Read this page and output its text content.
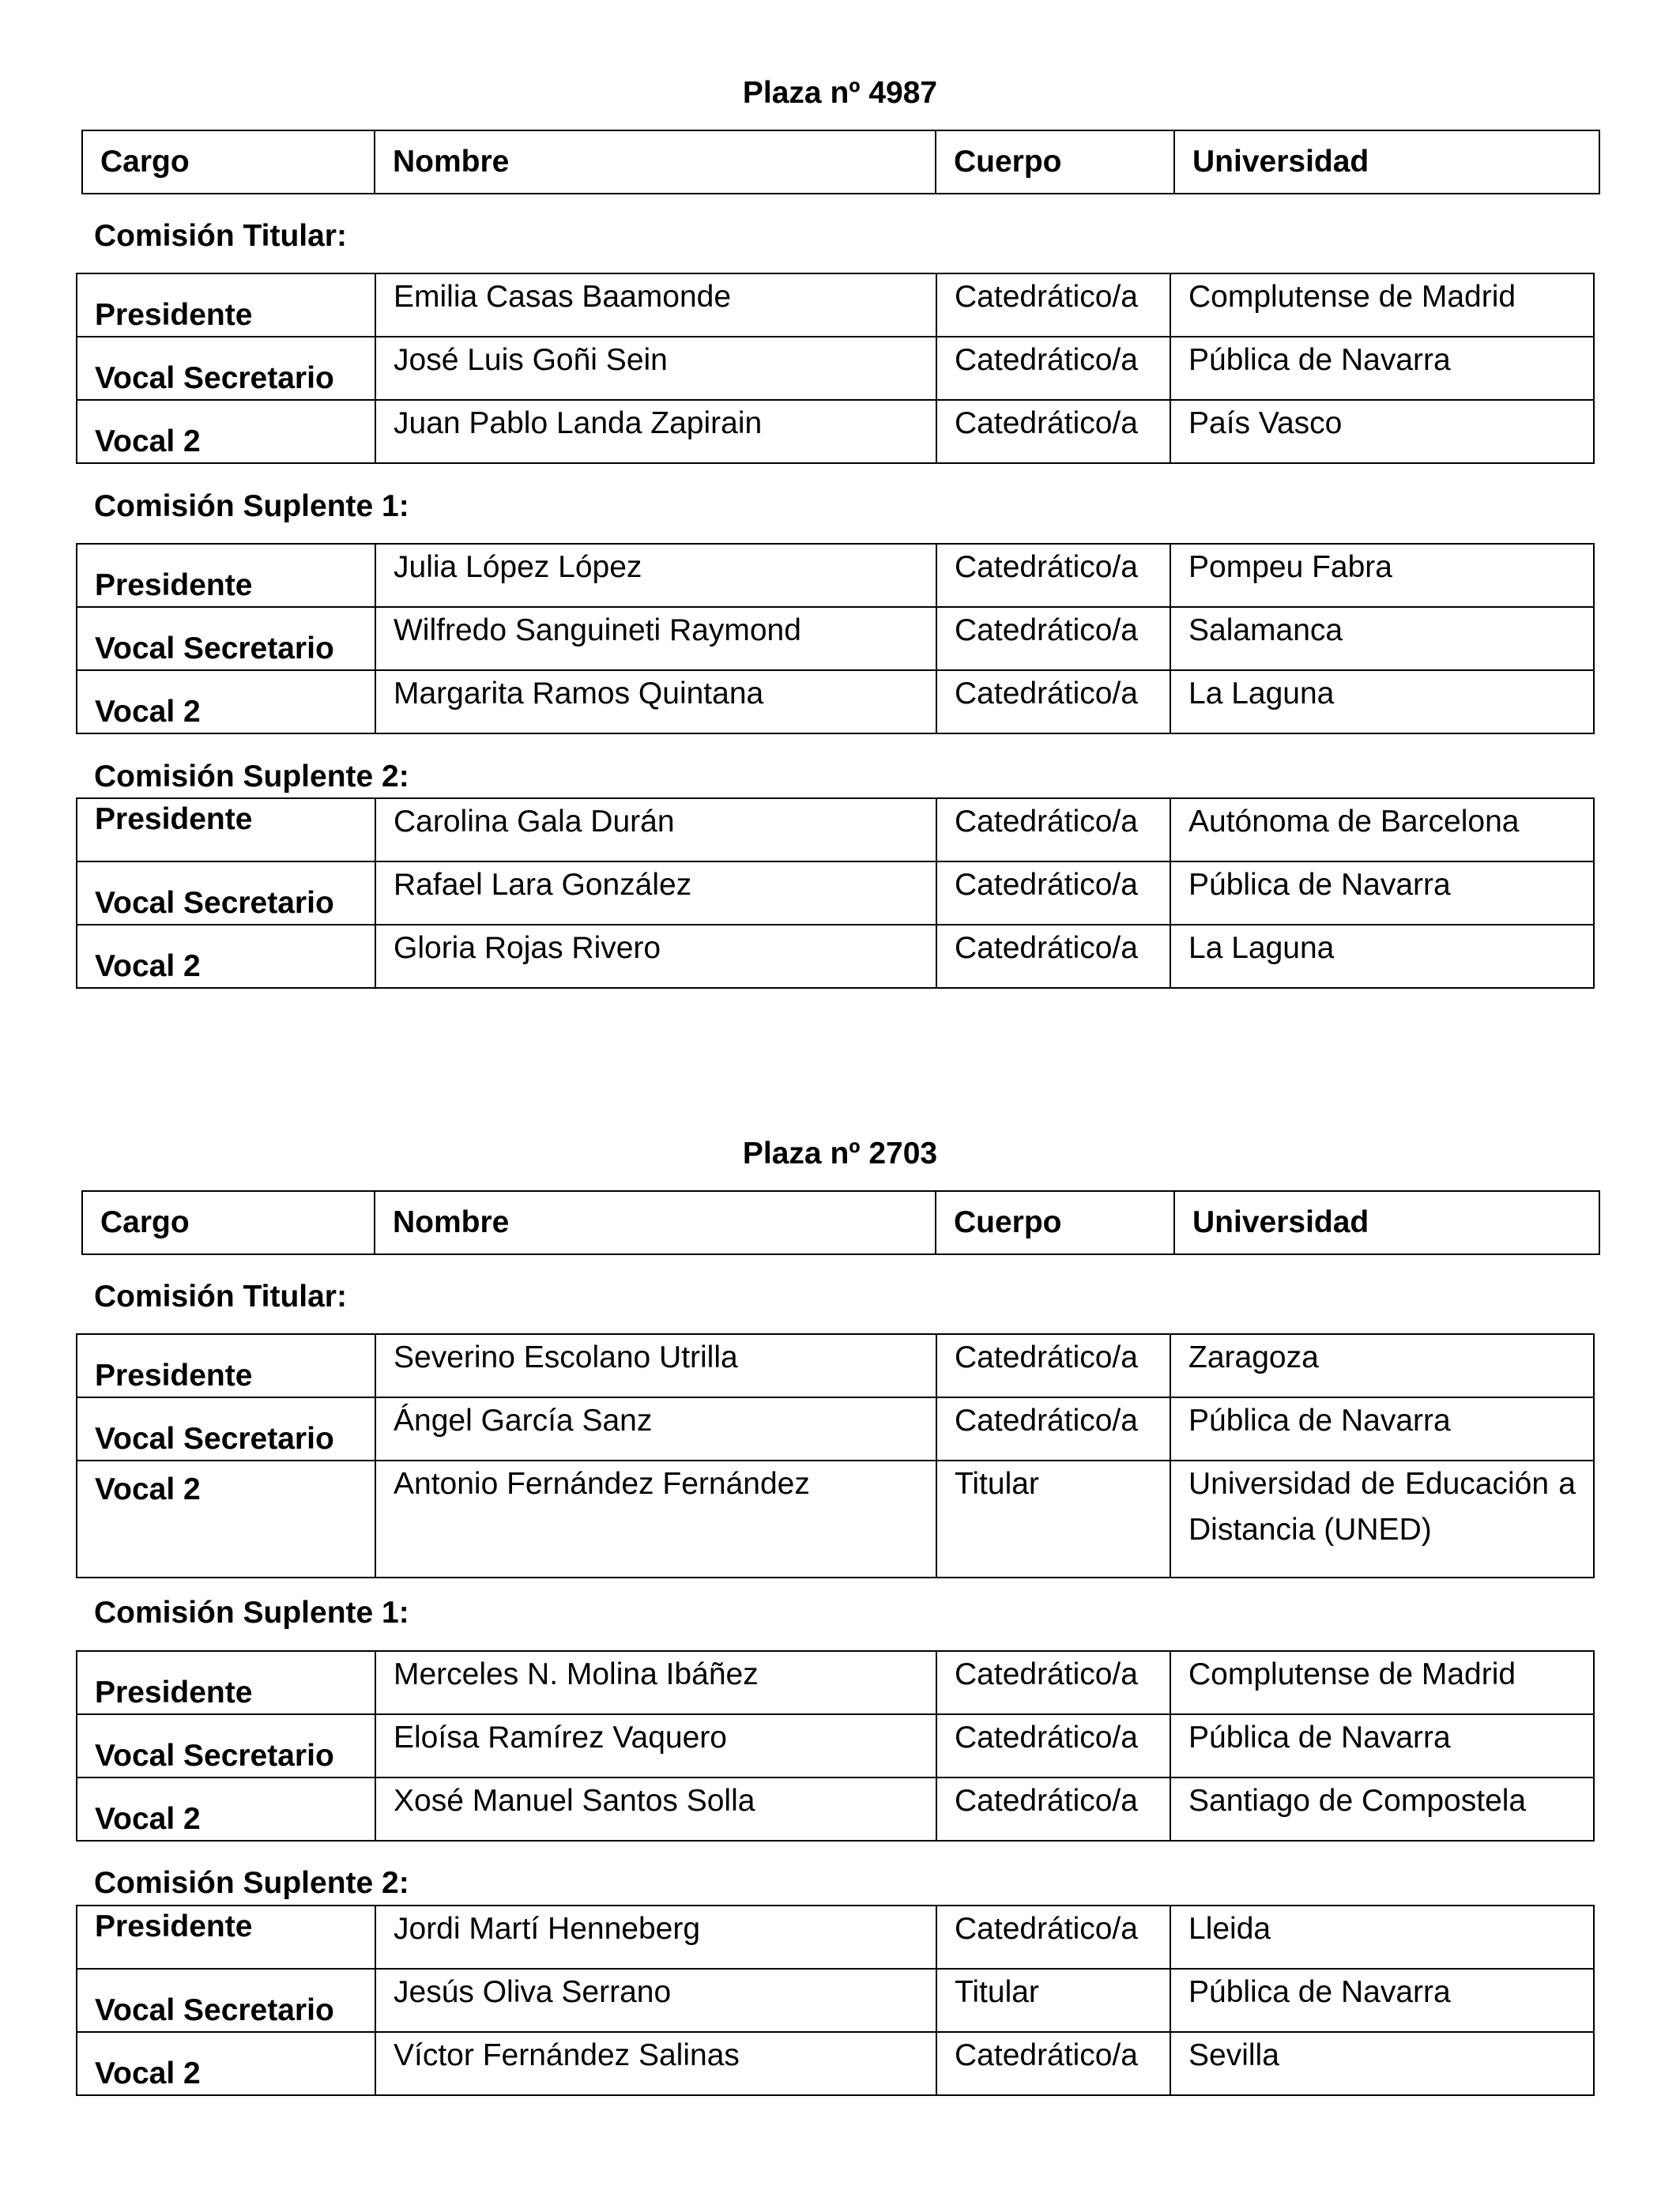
Plaza nº 4987
Cargo	Nombre	Cuerpo	Universidad
Comisión Titular:
Presidente	Emilia Casas Baamonde	Catedrático/a	Complutense de Madrid
Vocal Secretario	José Luis Goñi Sein	Catedrático/a	Pública de Navarra
Vocal 2	Juan Pablo Landa Zapirain	Catedrático/a	País Vasco
Comisión Suplente 1:
Presidente	Julia López López	Catedrático/a	Pompeu Fabra
Vocal Secretario	Wilfredo Sanguineti Raymond	Catedrático/a	Salamanca
Vocal 2	Margarita Ramos Quintana	Catedrático/a	La Laguna
Comisión Suplente 2:
Presidente	Carolina Gala Durán	Catedrático/a	Autónoma de Barcelona
Vocal Secretario	Rafael Lara González	Catedrático/a	Pública de Navarra
Vocal 2	Gloria Rojas Rivero	Catedrático/a	La Laguna
Plaza nº 2703
Cargo	Nombre	Cuerpo	Universidad
Comisión Titular:
Presidente	Severino Escolano Utrilla	Catedrático/a	Zaragoza
Vocal Secretario	Ángel García Sanz	Catedrático/a	Pública de Navarra
Vocal 2	Antonio Fernández Fernández	Titular	Universidad de Educación a Distancia (UNED)
Comisión Suplente 1:
Presidente	Merceles N. Molina Ibáñez	Catedrático/a	Complutense de Madrid
Vocal Secretario	Eloísa Ramírez Vaquero	Catedrático/a	Pública de Navarra
Vocal 2	Xosé Manuel Santos Solla	Catedrático/a	Santiago de Compostela
Comisión Suplente 2:
Presidente	Jordi Martí Henneberg	Catedrático/a	Lleida
Vocal Secretario	Jesús Oliva Serrano	Titular	Pública de Navarra
Vocal 2	Víctor Fernández Salinas	Catedrático/a	Sevilla
